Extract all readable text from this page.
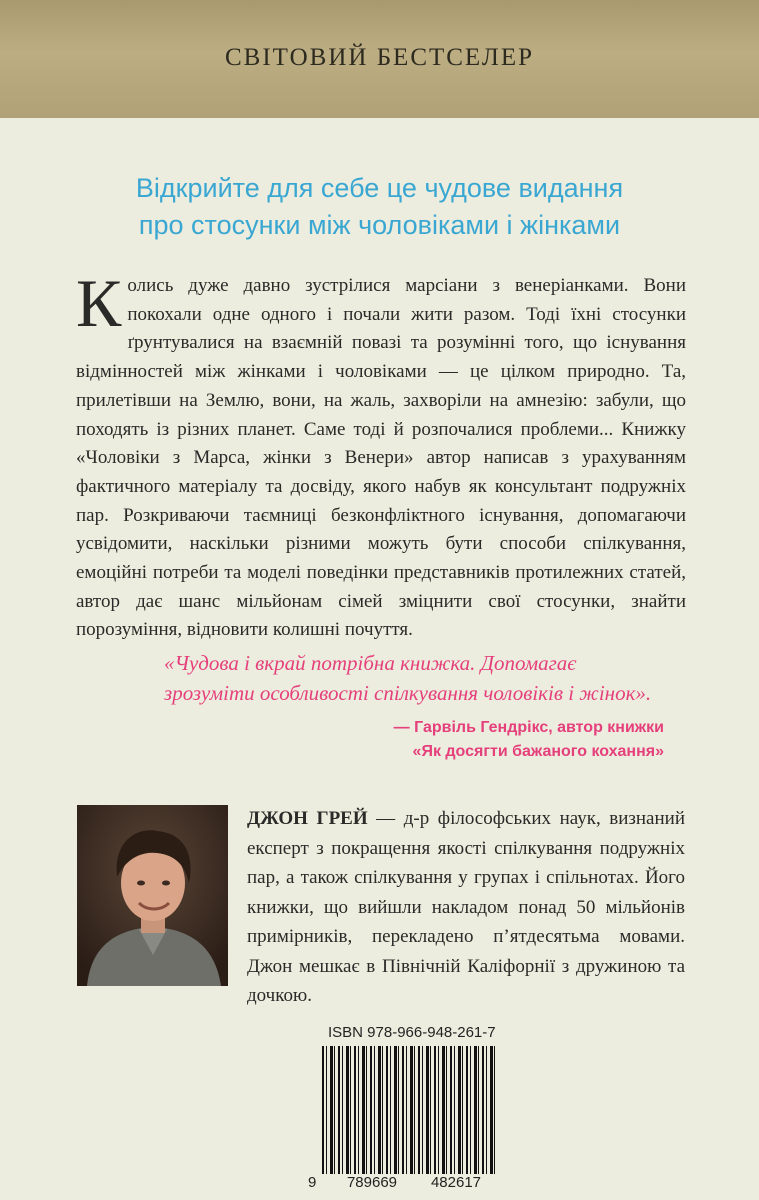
СВІТОВИЙ БЕСТСЕЛЕР
Відкрийте для себе це чудове видання
про стосунки між чоловіками і жінками

Колись дуже давно зустрілися марсіани з венеріанками. Вони покохали одне одного і почали жити разом. Тоді їхні стосунки ґрунтувалися на взаємній повазі та розумінні того, що існування відмінностей між жінками і чоловіками — це цілком природно. Та, прилетівши на Землю, вони, на жаль, захворіли на амнезію: забули, що походять із різних планет. Саме тоді й розпочалися проблеми... Книжку «Чоловіки з Марса, жінки з Венери» автор написав з урахуванням фактичного матеріалу та досвіду, якого набув як консультант подружніх пар. Розкриваючи таємниці безконфліктного існування, допомагаючи усвідомити, наскільки різними можуть бути способи спілкування, емоційні потреби та моделі поведінки представників протилежних статей, автор дає шанс мільйонам сімей зміцнити свої стосунки, знайти порозуміння, відновити колишні почуття.

«Чудова і вкрай потрібна книжка. Допомагає зрозуміти особливості спілкування чоловіків і жінок».
— Гарвіль Гендрікс, автор книжки
«Як досягти бажаного кохання»

ДЖОН ГРЕЙ — д-р філософських наук, визнаний експерт з покращення якості спілкування подружніх пар, а також спілкування у групах і спільнотах. Його книжки, що вийшли накладом понад 50 мільйонів примірників, перекладено п’ятдесятьма мовами. Джон мешкає в Північній Каліфорнії з дружиною та дочкою.

ISBN 978-966-948-261-7
9 789669 482617
